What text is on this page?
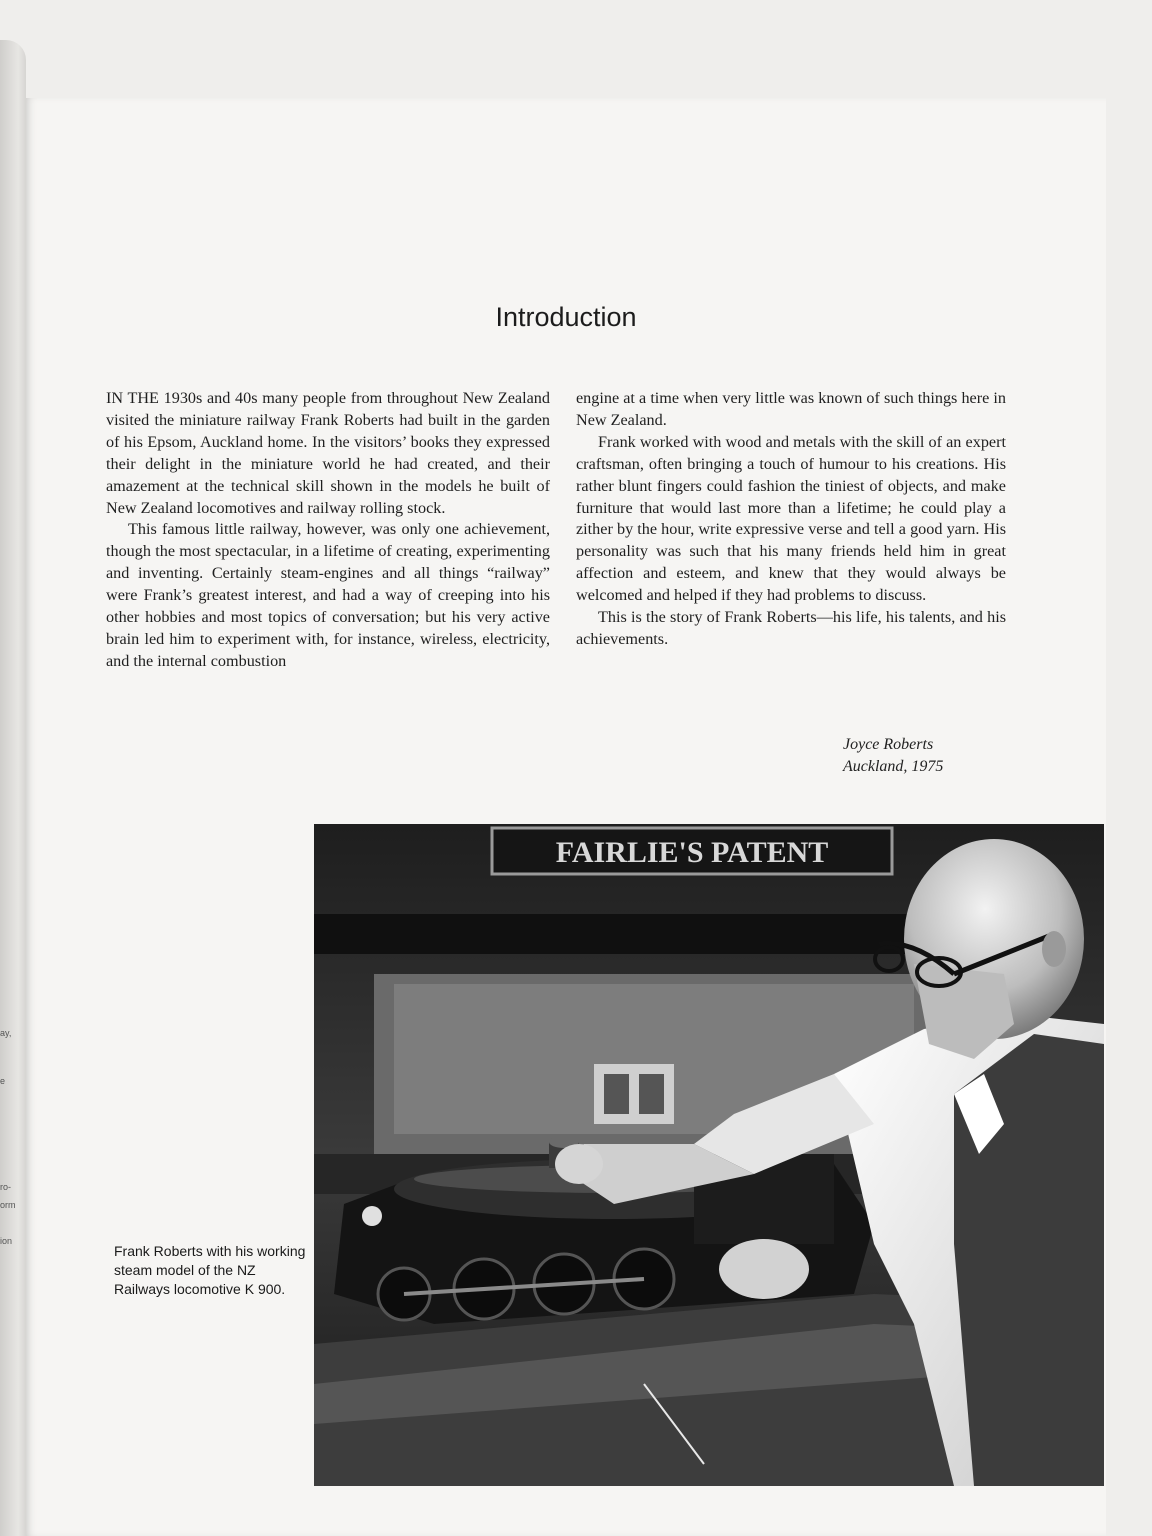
ay,
e
ro-
orm
ion
Introduction

IN THE 1930s and 40s many people from throughout New Zealand visited the miniature railway Frank Roberts had built in the garden of his Epsom, Auckland home. In the visitors’ books they expressed their delight in the miniature world he had created, and their amazement at the technical skill shown in the models he built of New Zealand locomotives and railway rolling stock.

This famous little railway, however, was only one achievement, though the most spectacular, in a lifetime of creating, experimenting and inventing. Certainly steam-engines and all things “railway” were Frank’s greatest interest, and had a way of creeping into his other hobbies and most topics of conversation; but his very active brain led him to experiment with, for instance, wireless, electricity, and the internal combustion

engine at a time when very little was known of such things here in New Zealand.

Frank worked with wood and metals with the skill of an expert craftsman, often bringing a touch of humour to his creations. His rather blunt fingers could fashion the tiniest of objects, and make furniture that would last more than a lifetime; he could play a zither by the hour, write expressive verse and tell a good yarn. His personality was such that his many friends held him in great affection and esteem, and knew that they would always be welcomed and helped if they had problems to discuss.

This is the story of Frank Roberts—his life, his talents, and his achievements.

Joyce Roberts
Auckland, 1975
FAIRLIE'S PATENT

Frank Roberts with his working steam model of the NZ Railways locomotive K 900.
